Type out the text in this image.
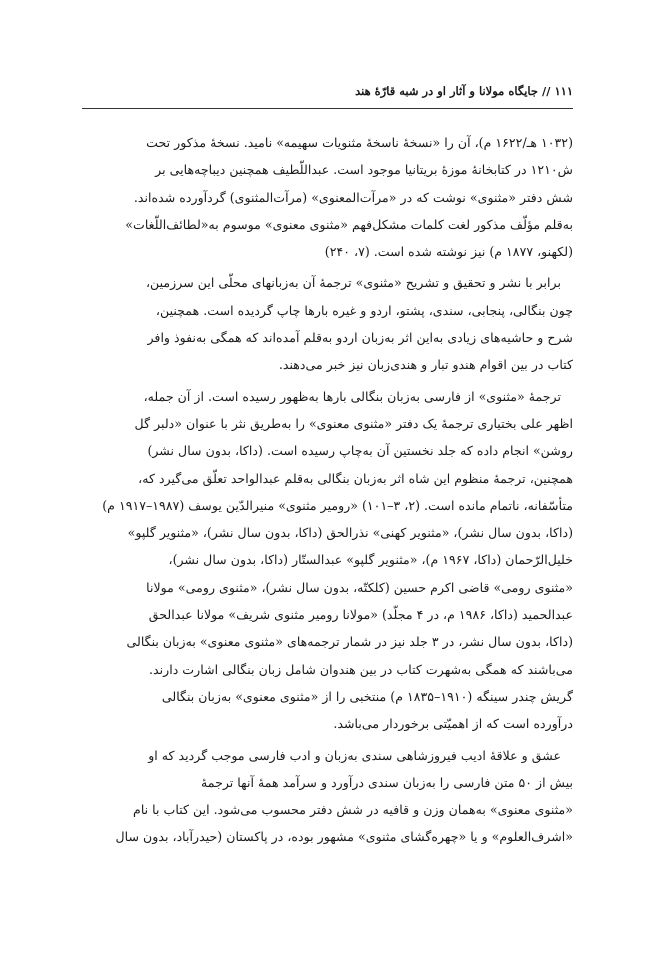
۱۱۱ // جایگاه مولانا و آثار او در شبه قارّهٔ هند
(۱۰۳۲ هـ/۱۶۲۲ م)، آن را «نسخهٔ ناسخهٔ مثنویات سهیمه» نامید. نسخهٔ مذکور تحت
ش۱۲۱۰ در کتابخانهٔ موزهٔ بریتانیا موجود است. عبداللّطیف همچنین دیباچه‌هایی بر
شش دفتر «مثنوی» نوشت که در «مرآت‌المعنوی» (مرآت‌المثنوی) گردآورده شده‌اند.
به‌قلم مؤلّف مذکور لغت کلمات مشکل‌فهم «مثنوی معنوی» موسوم به«لطائف‌اللّغات»
(لکهنو، ۱۸۷۷ م) نیز نوشته شده است. (۷، ۲۴۰)
برابر با نشر و تحقیق و تشریح «مثنوی» ترجمهٔ آن به‌زبانهای محلّی این سرزمین،
چون بنگالی، پنجابی، سندی، پشتو، اردو و غیره بارها چاپ گردیده است. همچنین،
شرح و حاشیه‌های زیادی به‌این اثر به‌زبان اردو به‌قلم آمده‌اند که همگی به‌نفوذ وافر
کتاب در بین اقوام هندو تبار و هندی‌زبان نیز خبر می‌دهند.
ترجمهٔ «مثنوی» از فارسی به‌زبان بنگالی بارها به‌ظهور رسیده است. از آن جمله،
اظهر علی بختیاری ترجمهٔ یک دفتر «مثنوی معنوی» را به‌طریق نثر با عنوان «دلبر گل
روشن» انجام داده که جلد نخستین آن به‌چاپ رسیده است. (داکا، بدون سال نشر)
همچنین، ترجمهٔ منظوم این شاه اثر به‌زبان بنگالی به‌قلم عبدالواحد تعلّق می‌گیرد که،
متأسّفانه، ناتمام مانده است. (۲، ۳–۱۰۱) «رومیر مثنوی» منیرالدّین یوسف (۱۹۸۷–۱۹۱۷ م)
(داکا، بدون سال نشر)، «مثنویر کهنی» نذرالحق (داکا، بدون سال نشر)، «مثنویر گلپو»
خلیل‌الرّحمان (داکا، ۱۹۶۷ م)، «مثنویر گلپو» عبدالستّار (داکا، بدون سال نشر)،
«مثنوی رومی» قاضی اکرم حسین (کلکتّه، بدون سال نشر)، «مثنوی رومی» مولانا
عبدالحمید (داکا، ۱۹۸۶ م، در ۴ مجلّد) «مولانا رومیر مثنوی شریف» مولانا عبدالحق
(داکا، بدون سال نشر، در ۳ جلد نیز در شمار ترجمه‌های «مثنوی معنوی» به‌زبان بنگالی
می‌باشند که همگی به‌شهرت کتاب در بین هندوان شامل زبان بنگالی اشارت دارند.
گریش چندر سینگه (۱۹۱۰–۱۸۳۵ م) منتخبی را از «مثنوی معنوی» به‌زبان بنگالی
درآورده است که از اهمیّتی برخوردار می‌باشد.
عشق و علاقهٔ ادیب فیروزشاهی سندی به‌زبان و ادب فارسی موجب گردید که او
بیش از ۵۰ متن فارسی را به‌زبان سندی درآورد و سرآمد همهٔ آنها ترجمهٔ
«مثنوی معنوی» به‌همان وزن و قافیه در شش دفتر محسوب می‌شود. این کتاب با نام
«اشرف‌العلوم» و یا «چهره‌گشای مثنوی» مشهور بوده، در پاکستان (حیدرآباد، بدون سال
